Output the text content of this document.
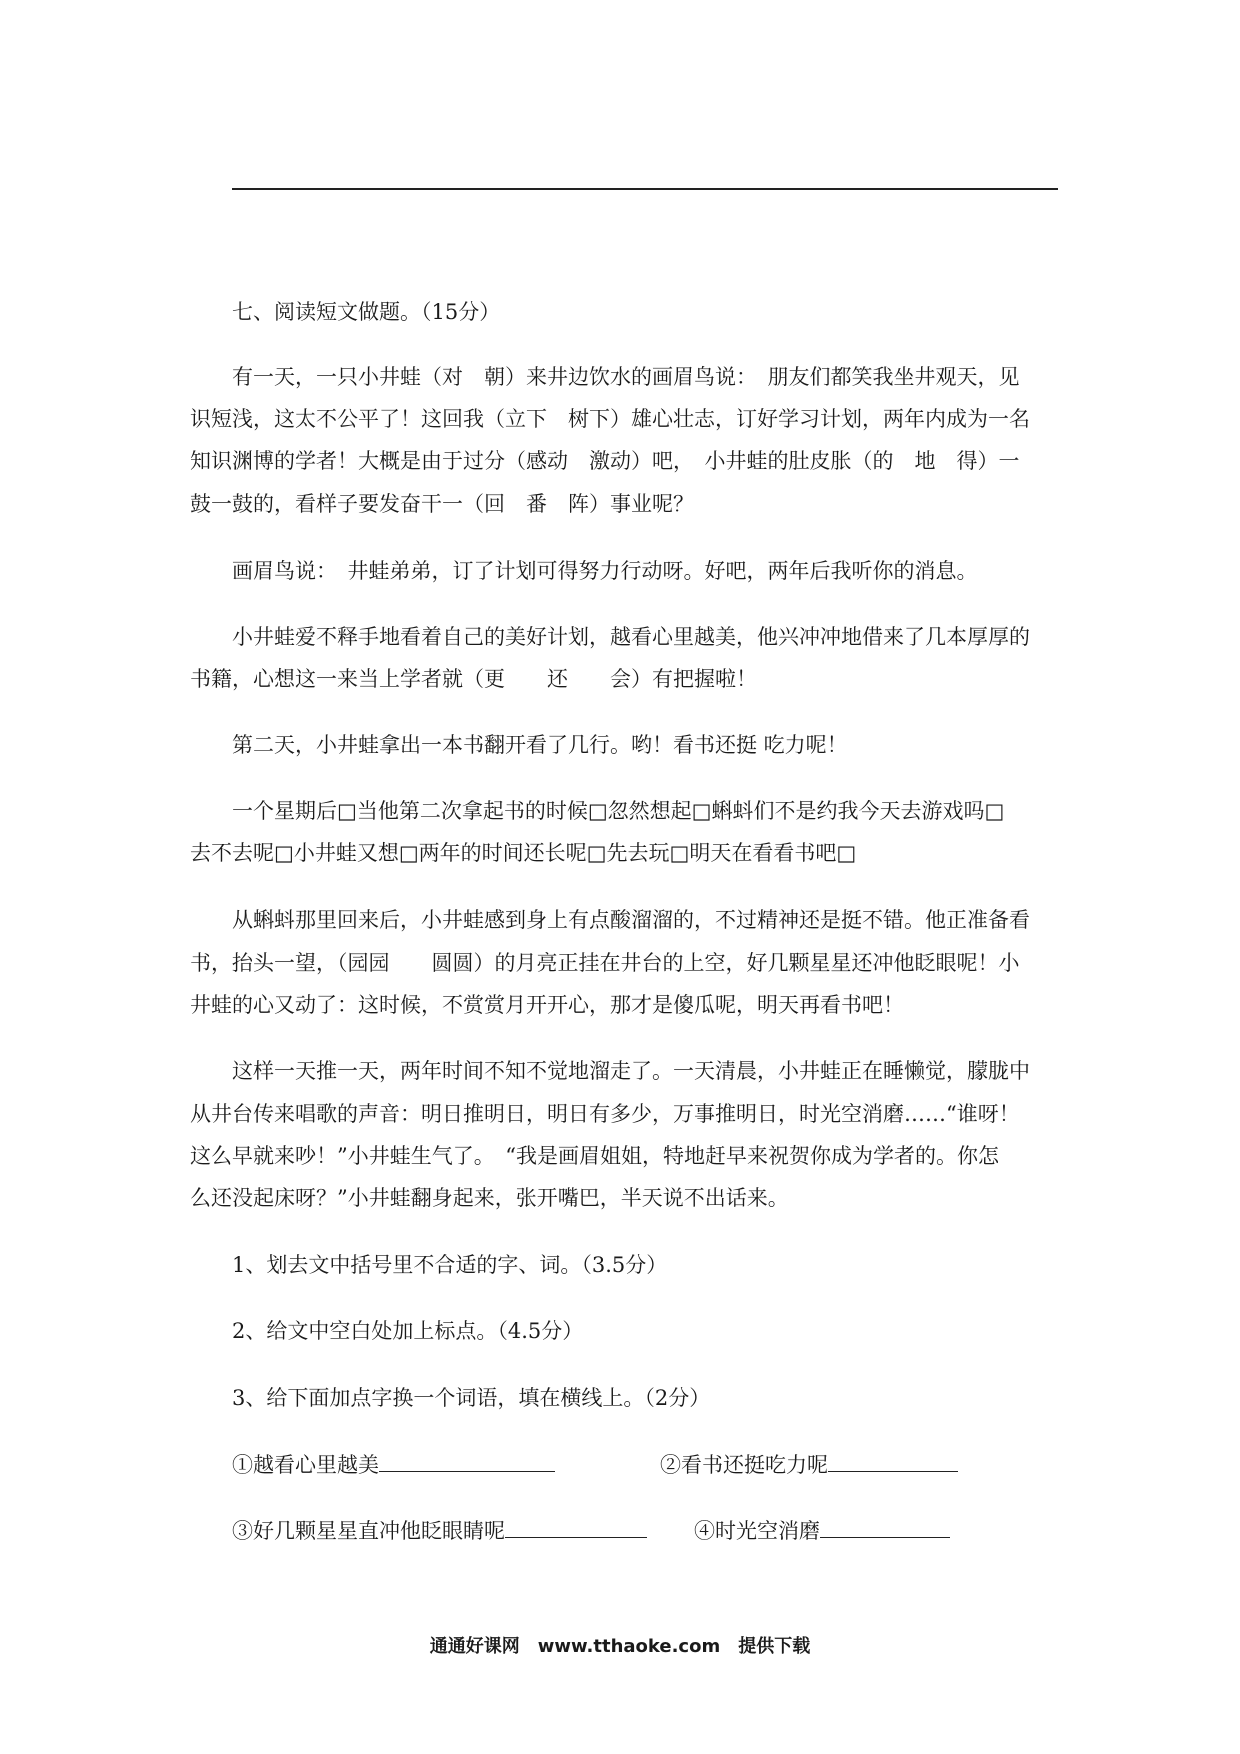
七、阅读短文做题。（15分）
有一天，一只小井蛙（对　朝）来井边饮水的画眉鸟说：　朋友们都笑我坐井观天，见
识短浅，这太不公平了！这回我（立下　树下）雄心壮志，订好学习计划，两年内成为一名
知识渊博的学者！大概是由于过分（感动　激动）吧，　小井蛙的肚皮胀（的　地　得）一
鼓一鼓的，看样子要发奋干一（回　番　阵）事业呢？
画眉鸟说：　井蛙弟弟，订了计划可得努力行动呀。好吧，两年后我听你的消息。
小井蛙爱不释手地看着自己的美好计划，越看心里越美，他兴冲冲地借来了几本厚厚的
书籍，心想这一来当上学者就（更　　还　　会）有把握啦！
第二天，小井蛙拿出一本书翻开看了几行。哟！看书还挺 吃力呢！
一个星期后□当他第二次拿起书的时候□忽然想起□蝌蚪们不是约我今天去游戏吗□
去不去呢□小井蛙又想□两年的时间还长呢□先去玩□明天在看看书吧□
从蝌蚪那里回来后，小井蛙感到身上有点酸溜溜的，不过精神还是挺不错。他正准备看
书，抬头一望，（园园　　圆圆）的月亮正挂在井台的上空，好几颗星星还冲他眨眼呢！小
井蛙的心又动了：这时候，不赏赏月开开心，那才是傻瓜呢，明天再看书吧！
这样一天推一天，两年时间不知不觉地溜走了。一天清晨，小井蛙正在睡懒觉，朦胧中
从井台传来唱歌的声音：明日推明日，明日有多少，万事推明日，时光空消磨……“谁呀！
这么早就来吵！”小井蛙生气了。　“我是画眉姐姐，特地赶早来祝贺你成为学者的。你怎
么还没起床呀？”小井蛙翻身起来，张开嘴巴，半天说不出话来。
1、划去文中括号里不合适的字、词。（3.5分）
2、给文中空白处加上标点。（4.5分）
3、给下面加点字换一个词语，填在横线上。（2分）
①越看心里越美	②看书还挺吃力呢
③好几颗星星直冲他眨眼睛呢	④时光空消磨
通通好课网　www.tthaoke.com　提供下载
